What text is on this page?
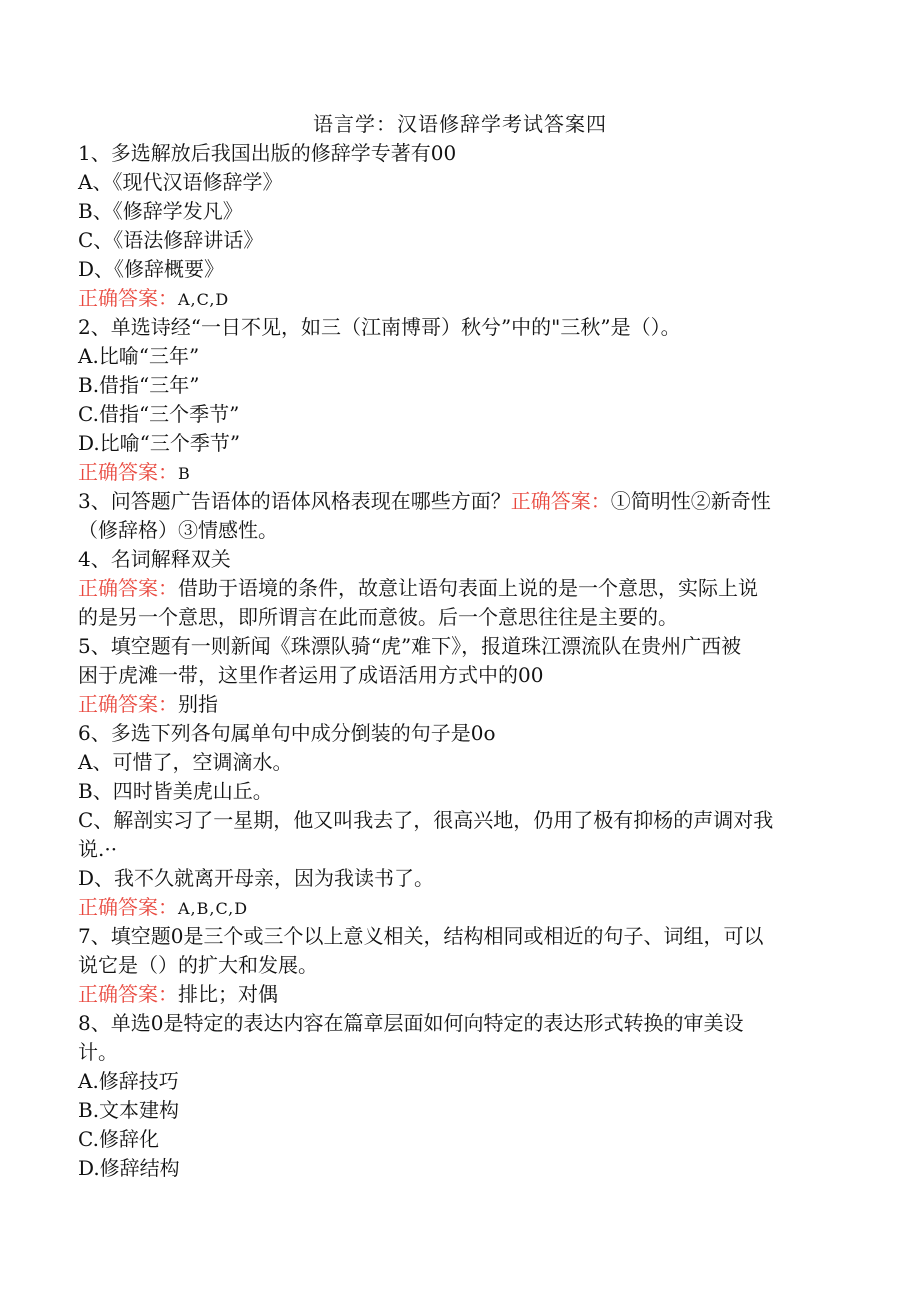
语言学：汉语修辞学考试答案四
1、多选解放后我国出版的修辞学专著有00
A、《现代汉语修辞学》
B、《修辞学发凡》
C、《语法修辞讲话》
D、《修辞概要》
正确答案：A,C,D
2、单选诗经“一日不见，如三（江南博哥）秋兮”中的"三秋”是（）。
A.比喻“三年”
B.借指“三年”
C.借指“三个季节”
D.比喻“三个季节”
正确答案：B
3、问答题广告语体的语体风格表现在哪些方面？正确答案：①简明性②新奇性
（修辞格）③情感性。
4、名词解释双关
正确答案：借助于语境的条件，故意让语句表面上说的是一个意思，实际上说
的是另一个意思，即所谓言在此而意彼。后一个意思往往是主要的。
5、填空题有一则新闻《珠漂队骑“虎”难下》，报道珠江漂流队在贵州广西被
困于虎滩一带，这里作者运用了成语活用方式中的00
正确答案：别指
6、多选下列各句属单句中成分倒装的句子是0o
A、可惜了，空调滴水。
B、四时皆美虎山丘。
C、解剖实习了一星期，他又叫我去了，很高兴地，仍用了极有抑杨的声调对我
说.··
D、我不久就离开母亲，因为我读书了。
正确答案：A,B,C,D
7、填空题0是三个或三个以上意义相关，结构相同或相近的句子、词组，可以
说它是（）的扩大和发展。
正确答案：排比；对偶
8、单选0是特定的表达内容在篇章层面如何向特定的表达形式转换的审美设
计。
A.修辞技巧
B.文本建构
C.修辞化
D.修辞结构
